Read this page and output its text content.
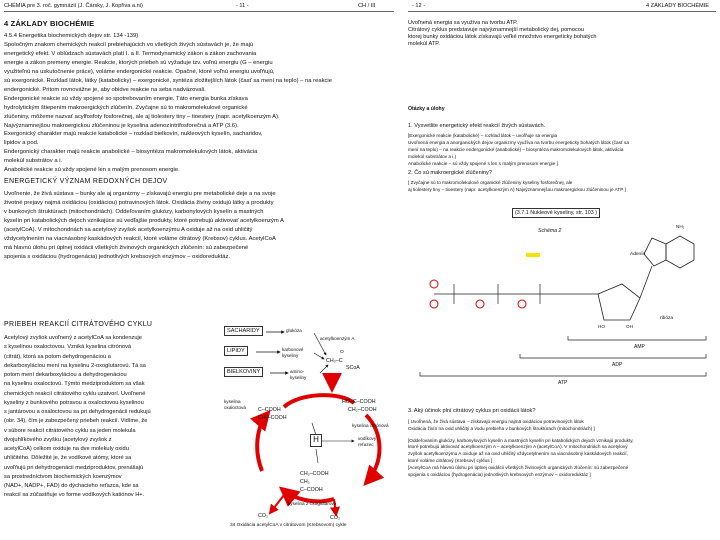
CHÉMIA pre 3. roč. gymnázií (J. Čársky, J. Kopřiva a.ni)	- 11 -	CH / III
4 ZÁKLADY BIOCHÉMIE
4.5.4 Energetika biochemických dejov str. 134 -139)
Spoločným znakom chemických reakcií prebiehajúcich vo všetkých živých sústavách je, že majú
energetický efekt. V oblúdzach sústavách platí I. a II. Termodynamický zákon a zákon zachovania
energie a zákon premeny energie. Reakcie, ktorých priebeh sú vyžaduje tzv. voľnú energiu (G – energiu
využiteľnú na uskutočnenie práce), voláme endergonické reakcie. Opačné, ktoré voľnú energiu uvoľňujú,
sú exergonické. Rozklad látok, látky (katabolicky) – exergonické, syntéza zložitejších látok (časť sa mení na teplo) – na reakcie
endergonické. Pritom rovnovážne je, aby obidve reakcie na seba nadväzovali.
Endergonické reakcie sú vždy spojené so spotrebovaním energie. Táto energia bunka získava
hydrolytickým štiepením makroergických zlúčenín. Zvyčajne sú to makromolekulové organické
zlúčeniny, môžeme nazvať acylfosfoty fosforečnej, ale aj tiolestery tiny – tioestery (napr. acetylkoenzým A).
Najvýznamnejšou makroergickou zlúčeninou je kyselina adenozíntrifosforečná a ATP (3.6).
Exergonický charakter majú reakcie katabolické – rozklad bielkovín, nukleových kyselín, sacharidov,
lipidov a pod.
Endergonický charakter majú reakcie anabolické – biosyntéza makromolekulových látok, aktivácia
molekúl substrátov a i.
Anabolické reakcie sú vždy spojené len s malým prenosom energie.
ENERGETICKÝ VÝZNAM REDOXNÝCH DEJOV
Uvoľnenie, že živá sústava – bunky ale aj organizmy – získavajú energiu pre metabolické deje a na svoje
životné prejavy najmä oxidáciou (oxidáciou) potravinových látok. Oxidácia živiny oxidujú látky a produkty
v bunkových štruktúrach (mitochondriách). Oddeľovaním glukózy, karbonylových kyselín a mastných
kyselín pri katabolických dejoch vznikajúce sú vedľajšie produkty, ktoré potrebujú aktivovať acetylkoenzým A
(acetylCoA). V mitochondriách sa acetylový zvyšok acetylkoenzýmu A oxiduje až na oxid uhličitý
vždycetylnením na viacnásobný kaskádových reakcií, ktoré voláme citrátový (Krebsov) cyklus. AcetylCoA
má hlavnú úlohu pri úplnej oxidácii všetkých živinových organických zlúčenín: sú zabezpečené
spojenia s oxidáciou (hydrogenácia) jednotlivých krebsových enzýmov – oxidoreduktáz.
PRIEBEH REAKCIÍ CITRÁTOVÉHO CYKLU
Acetylový zvyšok uvoľnený z acetylCoA sa kondenzuje
s kyselinou oxaloctovou. Vzniká kyselina citrónová
(citrát), ktorá sa potom dehydrogenáciou a
dekarboxyláciou mení na kyselinu 2-oxoglutarovú. Tá sa
potom mení dekarboxyláciou a dehydrogenáciou
na kyselinu oxaloctovú. Týmto medziproduktom sa však
chemických reakcií citrátového cyklu uzatvorí. Uvoľnené
kyseliny z bunkového potravou a oxaloctovou kyselinou
s jantárovou a oxaloctovou sa pri dehydrogenácii redukujú
(obr. 34), čím je zabezpečený priebeh reakcií. Vidíme, že
v súbore reakcií citrátového cyklu sa jeden molekula
dvojuhlíkového zvyšku (acetylový zvyšok z
acetylCoA) celkom oxiduje na dve molekuly oxidu
uhličitého. Dôležité je, že vodíkové atómy, ktoré sa
uvoľňujú pri dehydrogenácii medziproduktov, prenášajú
sa prostredníctvom biochemických koenzýmov
(NAD+, NADP+, FAD) do dýchacieho reťazca, kde sa
reakcií sa zúčastňuje vo forme vodíkových katiónov H+.
SACHARIDY
LIPIDY
BIELKOVINY
glukóza
acetylkoenzým A
karbonové kyseliny
amino-kyseliny
O
CH₃–C
SCoA
kyselina oxaloctová	C–COOH
CH₂–COOH
HO–C–COOH
CH₂–COOH
kyselina citrónová
H	vodíkový
reťazec
CH₂–COOH
CH₂
C–COOH
kyselina 2-oxoglutarová
CO₂	CO₂
34 Oxidácia acetylCoA v citrátovom (Krebsovom) cykle
- 12 -	4 ZÁKLADY BIOCHÉMIE
Uvoľnená energia sa využíva na tvorbu ATP.
Citrátový cyklus predstavuje najvýznamnejší metabolický dej, pomocou
ktorej bunky oxidáciou látok získavajú veľké množstvo energeticky bohatých
molekúl ATP.
Otázky a úlohy
1. Vysvetlite energetický efekt reakcií živých sústavách.
[Exergonické reakcie (katabolické) – rozklad látok – uvoľňuje sa energia
Uvoľnená energia a anorganických dejov organizmy využíva na tvorbu energeticky bohatých látok (časť sa
mení na teplo) – na reakcie endergonické (anabolické) – biosyntéza makromolekulových látok, aktivácia
molekúl substrátov a i.)
Anabolické reakcie – sú vždy spojené s len s malým prenosom energie ]
2. Čo sú makroergické zlúčeniny?
[ Zvyčajne sú to makromolekulové organické zlúčeniny kyseliny fosforečnej, ale
aj tiolestery tiny – tioestery (napr. acetylkoenzým A) Najvýznamnejšou makroergickou zlúčeninou je ATP ]
(3.7.1 Nukleové kyseliny, str. 103 )
Schéma 2
Adenín
NH₂
ribóza
HO	OH
AMP
ADP
ATP
3. Aký účinok plní citrátový cyklus pri oxidácii látok?
[ Uvoľnená, že živá sústava – získavajú energiu najmä oxidáciou potravinových látok
Oxidácia živín na oxid uhličitý a vodu prebieha v bunkových štruktúrach (mitochondriách) ]
[Oddeľovaním glukózy, karbonylových kyselín a mastných kyselín pri katabolických dejoch vznikajú produkty,
ktoré potrebujú aktivovať acetylkoenzým A – acetylkoenzým A (acetylCoA). V mitochondriách sa acetylový
zvyšok acetylkoenzýmu A oxiduje až na oxid uhličitý vždycetylnením na viacnásobný kaskádových reakcií,
ktoré voláme citrátový (Krebsov) cyklus ]
[AcetylCoA má hlavnú úlohu pri úplnej oxidácii všetkých živinových organických zlúčenín: sú zabezpečené
spojenia s oxidáciou (hydrogenácia) jednotlivých krebsových enzýmov – oxidoreduktáz ]
